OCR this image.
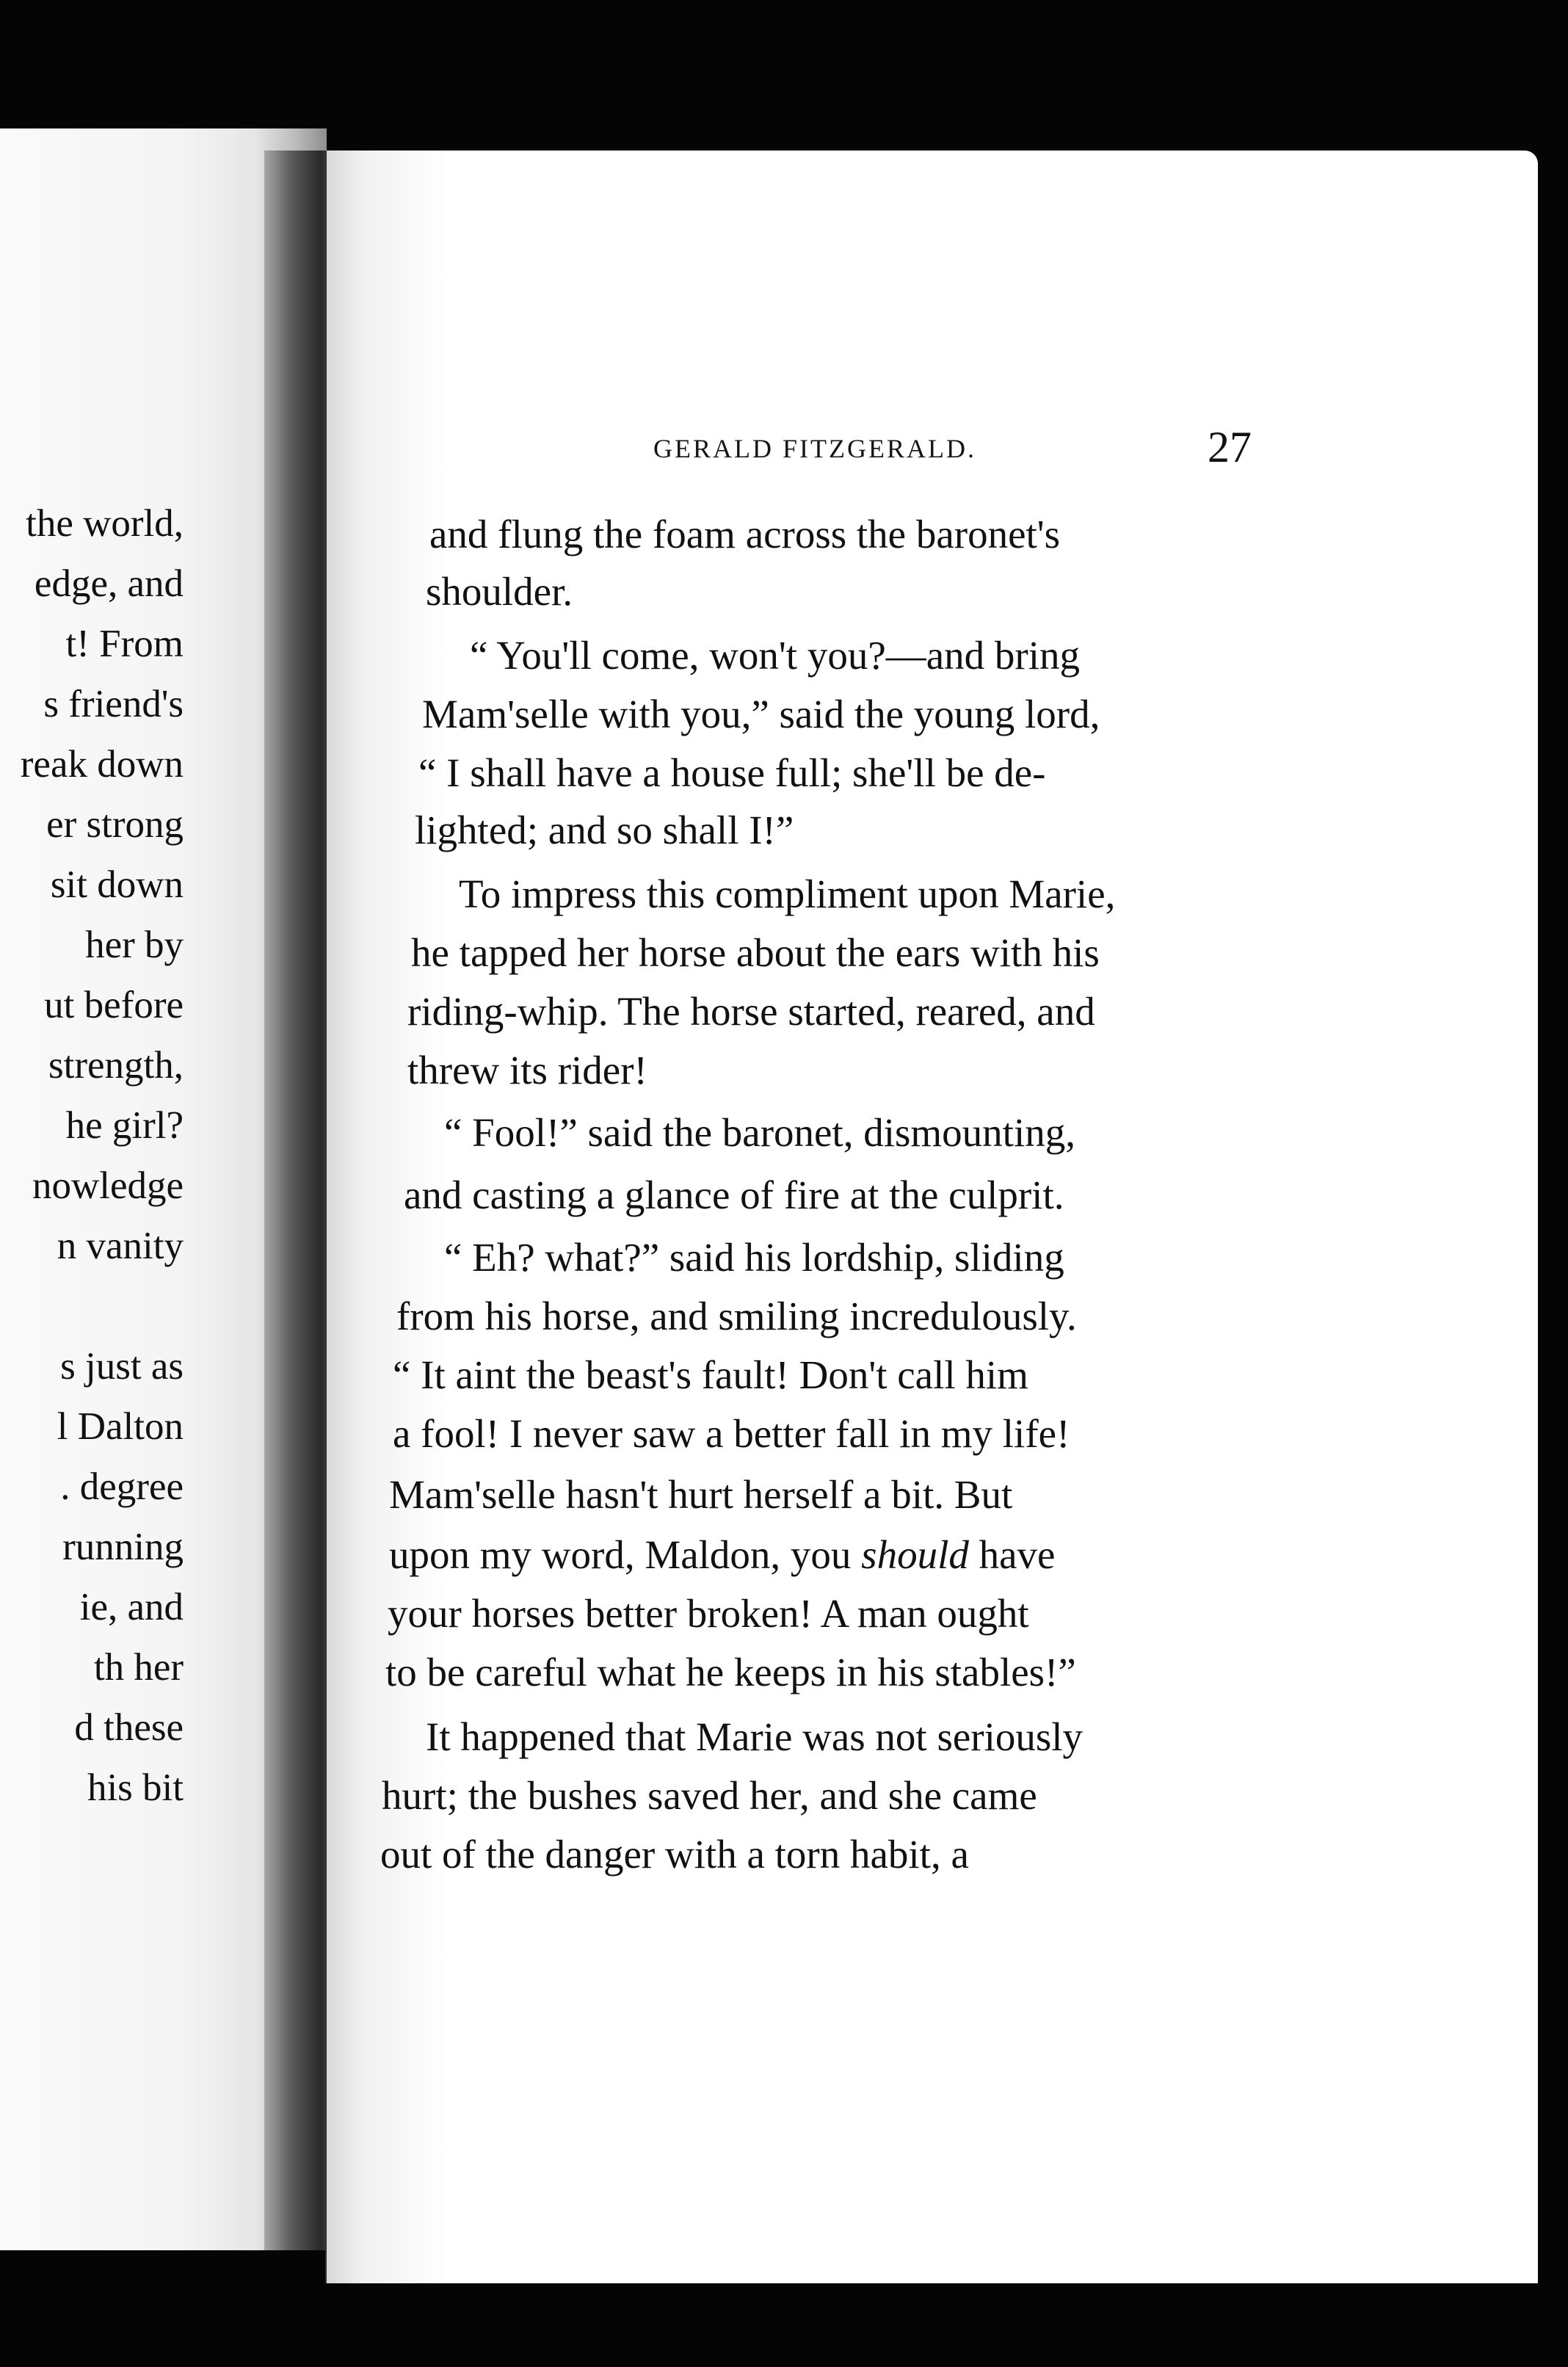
the world,
edge, and
t! From
s friend's
reak down
er strong
sit down
her by
ut before
strength,
he girl?
nowledge
n vanity
s just as
l Dalton
. degree
running
ie, and
th her
d these
his bit
GERALD FITZGERALD.	27
and flung the foam across the baronet's
shoulder.
“ You'll come, won't you?—and bring
Mam'selle with you,” said the young lord,
“ I shall have a house full; she'll be de-
lighted; and so shall I!”
To impress this compliment upon Marie,
he tapped her horse about the ears with his
riding-whip. The horse started, reared, and
threw its rider!
“ Fool!” said the baronet, dismounting,
and casting a glance of fire at the culprit.
“ Eh? what?” said his lordship, sliding
from his horse, and smiling incredulously.
“ It aint the beast's fault! Don't call him
a fool! I never saw a better fall in my life!
Mam'selle hasn't hurt herself a bit. But
upon my word, Maldon, you should have
your horses better broken! A man ought
to be careful what he keeps in his stables!”
It happened that Marie was not seriously
hurt; the bushes saved her, and she came
out of the danger with a torn habit, a
